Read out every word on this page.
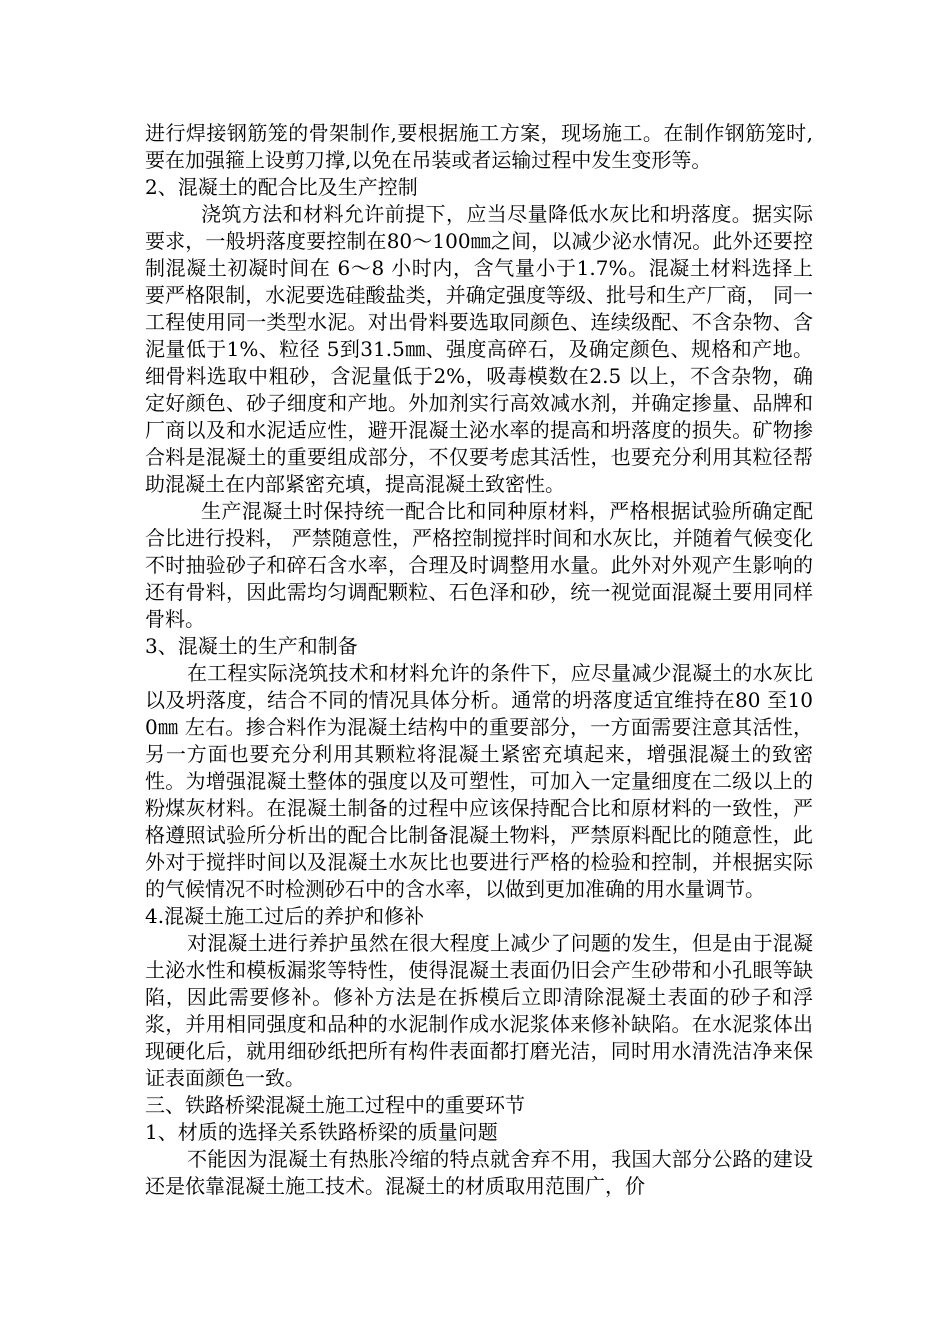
进行焊接钢筋笼的骨架制作,要根据施工方案，现场施工。在制作钢筋笼时,要在加强箍上设剪刀撑,以免在吊装或者运输过程中发生变形等。

2、混凝土的配合比及生产控制

浇筑方法和材料允许前提下，应当尽量降低水灰比和坍落度。据实际要求，一般坍落度要控制在80～100㎜之间，以减少泌水情况。此外还要控制混凝土初凝时间在 6～8 小时内，含气量小于1.7%。混凝土材料选择上要严格限制，水泥要选硅酸盐类，并确定强度等级、批号和生产厂商， 同一工程使用同一类型水泥。对出骨料要选取同颜色、连续级配、不含杂物、含泥量低于1%、粒径 5到31.5㎜、强度高碎石，及确定颜色、规格和产地。细骨料选取中粗砂，含泥量低于2%，吸毒模数在2.5 以上，不含杂物，确定好颜色、砂子细度和产地。外加剂实行高效减水剂，并确定掺量、品牌和厂商以及和水泥适应性，避开混凝土泌水率的提高和坍落度的损失。矿物掺合料是混凝土的重要组成部分，不仅要考虑其活性，也要充分利用其粒径帮助混凝土在内部紧密充填，提高混凝土致密性。

生产混凝土时保持统一配合比和同种原材料，严格根据试验所确定配合比进行投料， 严禁随意性，严格控制搅拌时间和水灰比，并随着气候变化不时抽验砂子和碎石含水率，合理及时调整用水量。此外对外观产生影响的还有骨料，因此需均匀调配颗粒、石色泽和砂，统一视觉面混凝土要用同样骨料。

3、混凝土的生产和制备

在工程实际浇筑技术和材料允许的条件下，应尽量减少混凝土的水灰比以及坍落度，结合不同的情况具体分析。通常的坍落度适宜维持在80 至100㎜ 左右。掺合料作为混凝土结构中的重要部分，一方面需要注意其活性，另一方面也要充分利用其颗粒将混凝土紧密充填起来，增强混凝土的致密性。为增强混凝土整体的强度以及可塑性，可加入一定量细度在二级以上的粉煤灰材料。在混凝土制备的过程中应该保持配合比和原材料的一致性，严格遵照试验所分析出的配合比制备混凝土物料，严禁原料配比的随意性，此外对于搅拌时间以及混凝土水灰比也要进行严格的检验和控制，并根据实际的气候情况不时检测砂石中的含水率，以做到更加准确的用水量调节。

4.混凝土施工过后的养护和修补

对混凝土进行养护虽然在很大程度上减少了问题的发生，但是由于混凝土泌水性和模板漏浆等特性，使得混凝土表面仍旧会产生砂带和小孔眼等缺陷，因此需要修补。修补方法是在拆模后立即清除混凝土表面的砂子和浮浆，并用相同强度和品种的水泥制作成水泥浆体来修补缺陷。在水泥浆体出现硬化后，就用细砂纸把所有构件表面都打磨光洁，同时用水清洗洁净来保证表面颜色一致。

三、铁路桥梁混凝土施工过程中的重要环节

1、材质的选择关系铁路桥梁的质量问题

不能因为混凝土有热胀冷缩的特点就舍弃不用，我国大部分公路的建设还是依靠混凝土施工技术。混凝土的材质取用范围广，价
